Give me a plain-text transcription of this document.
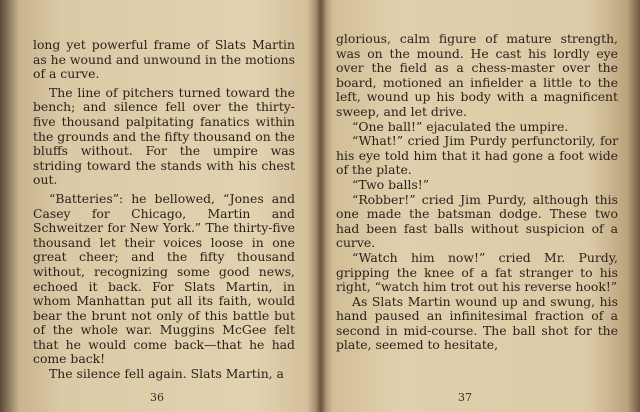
long yet powerful frame of Slats Martin as he wound and unwound in the motions of a curve.

The line of pitchers turned toward the bench; and silence fell over the thirty-five thousand palpitating fanatics within the grounds and the fifty thousand on the bluffs without. For the umpire was striding toward the stands with his chest out.

“Batteries”: he bellowed, “Jones and Casey for Chicago, Martin and Schweitzer for New York.” The thirty-five thousand let their voices loose in one great cheer; and the fifty thousand without, recognizing some good news, echoed it back. For Slats Martin, in whom Manhattan put all its faith, would bear the brunt not only of this battle but of the whole war. Muggins McGee felt that he would come back—that he had come back!

The silence fell again. Slats Martin, a

36

glorious, calm figure of mature strength, was on the mound. He cast his lordly eye over the field as a chess-master over the board, motioned an infielder a little to the left, wound up his body with a magnificent sweep, and let drive.

“One ball!” ejaculated the umpire.

“What!” cried Jim Purdy perfunctorily, for his eye told him that it had gone a foot wide of the plate.

“Two balls!”

“Robber!” cried Jim Purdy, although this one made the batsman dodge. These two had been fast balls without suspicion of a curve.

“Watch him now!” cried Mr. Purdy, gripping the knee of a fat stranger to his right, “watch him trot out his reverse hook!”

As Slats Martin wound up and swung, his hand paused an infinitesimal fraction of a second in mid-course. The ball shot for the plate, seemed to hesitate,

37
